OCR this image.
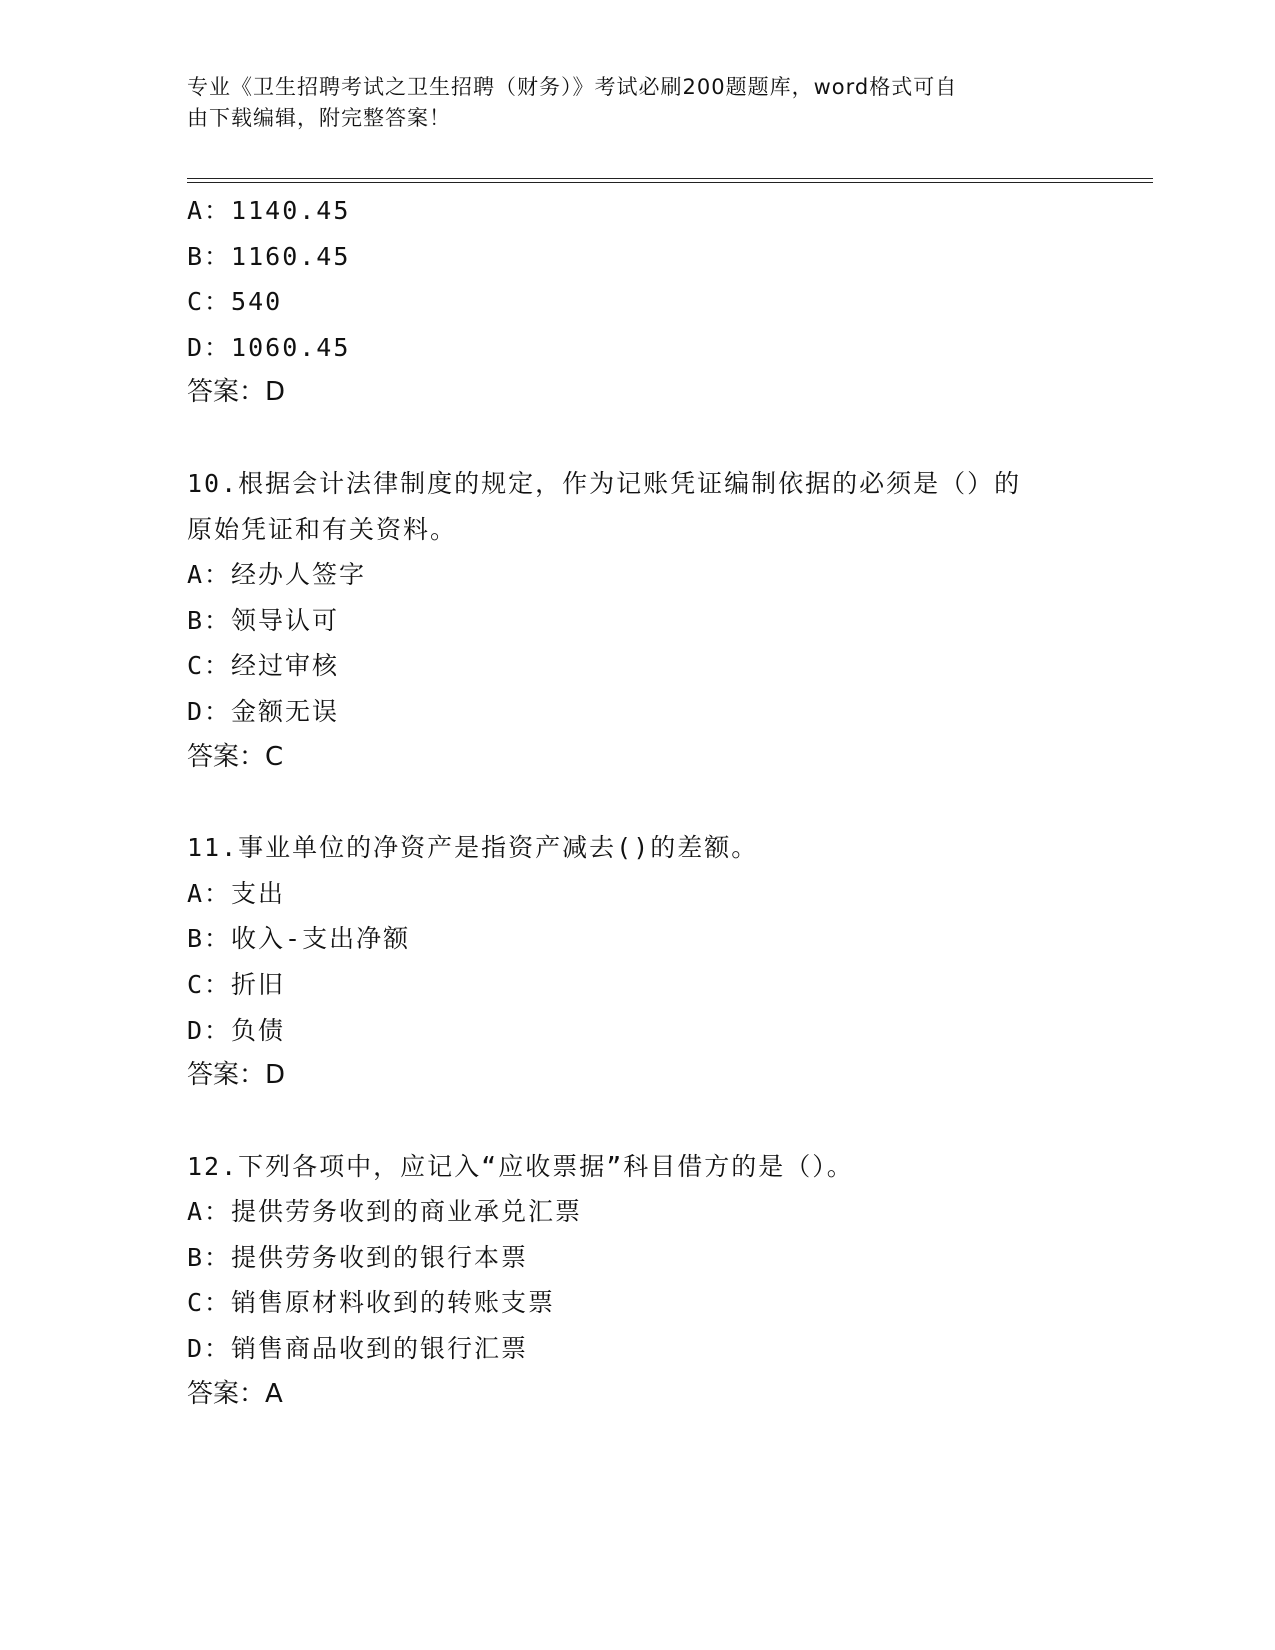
专业《卫生招聘考试之卫生招聘（财务）》考试必刷200题题库，word格式可自
由下载编辑，附完整答案！
A：1140.45
B：1160.45
C：540
D：1060.45
答案：D
10.根据会计法律制度的规定，作为记账凭证编制依据的必须是（）的
原始凭证和有关资料。
A：经办人签字
B：领导认可
C：经过审核
D：金额无误
答案：C
11.事业单位的净资产是指资产减去()的差额。
A：支出
B：收入-支出净额
C：折旧
D：负债
答案：D
12.下列各项中，应记入“应收票据”科目借方的是（）。
A：提供劳务收到的商业承兑汇票
B：提供劳务收到的银行本票
C：销售原材料收到的转账支票
D：销售商品收到的银行汇票
答案：A
